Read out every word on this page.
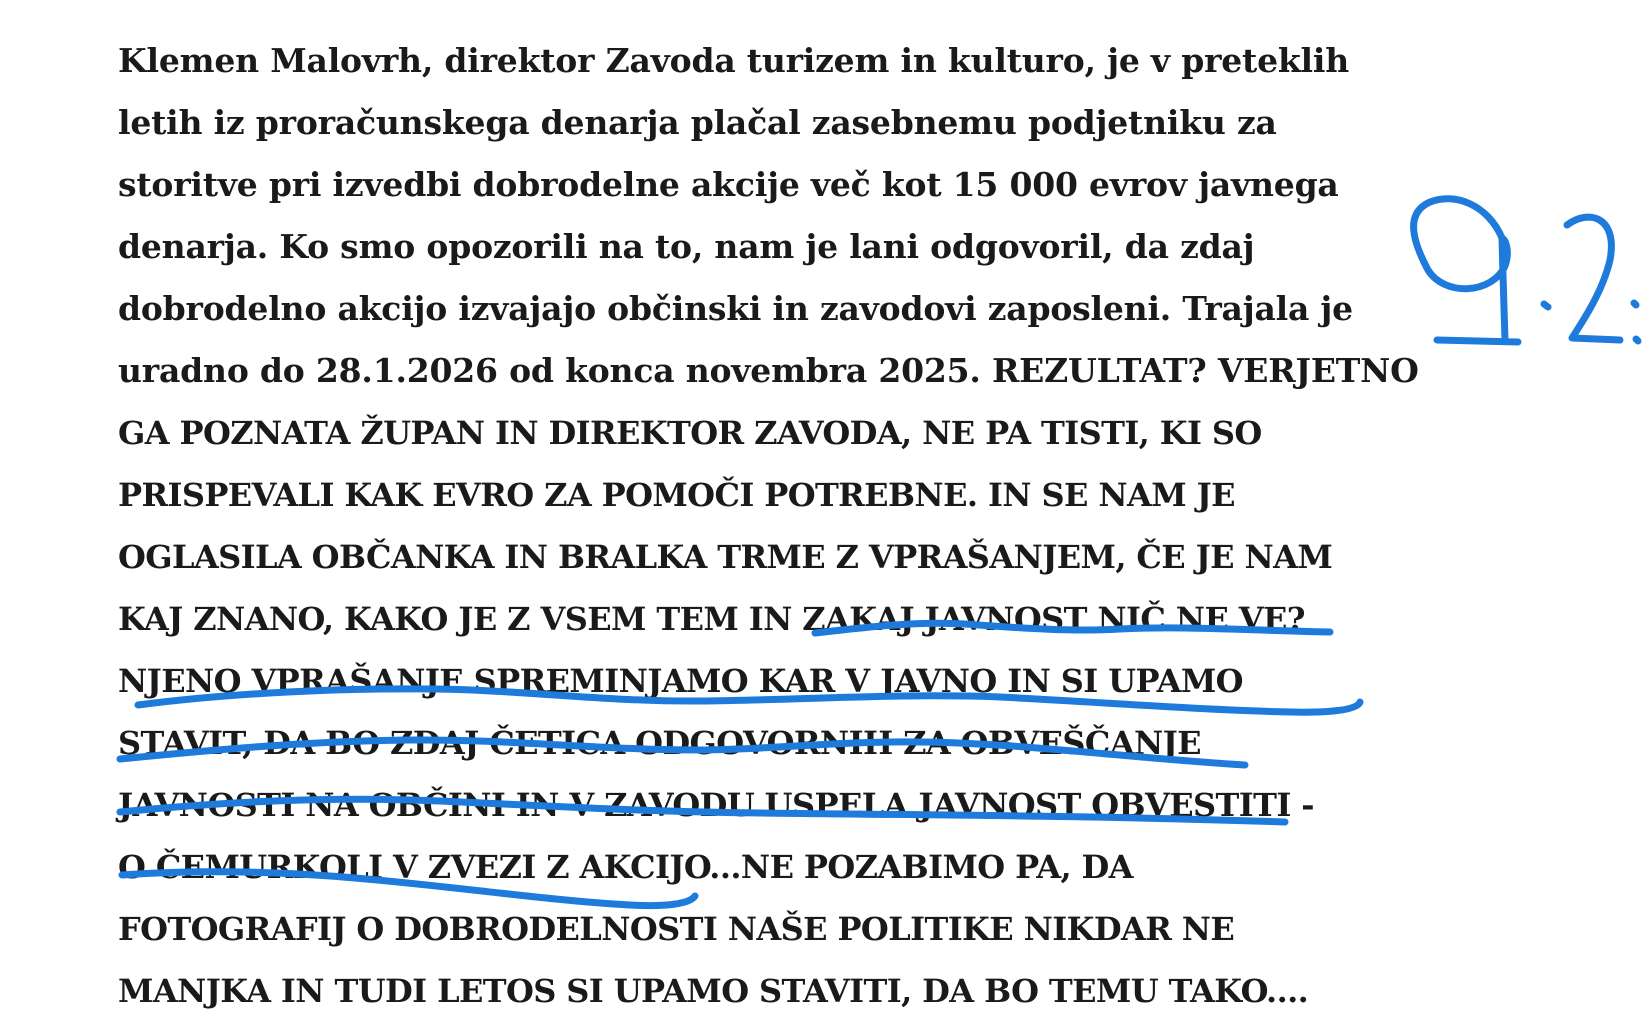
Klemen Malovrh, direktor Zavoda turizem in kulturo, je v preteklih
letih iz proračunskega denarja plačal zasebnemu podjetniku za
storitve pri izvedbi dobrodelne akcije več kot 15 000 evrov javnega
denarja. Ko smo opozorili na to, nam je lani odgovoril, da zdaj
dobrodelno akcijo izvajajo občinski in zavodovi zaposleni. Trajala je
uradno do 28.1.2026 od konca novembra 2025. REZULTAT? VERJETNO
GA POZNATA ŽUPAN IN DIREKTOR ZAVODA, NE PA TISTI, KI SO
PRISPEVALI KAK EVRO ZA POMOČI POTREBNE. IN SE NAM JE
OGLASILA OBČANKA IN BRALKA TRME Z VPRAŠANJEM, ČE JE NAM
KAJ ZNANO, KAKO JE Z VSEM TEM IN ZAKAJ JAVNOST NIČ NE VE?
NJENO VPRAŠANJE SPREMINJAMO KAR V JAVNO IN SI UPAMO
STAVIT, DA BO ZDAJ ČETICA ODGOVORNIH ZA OBVEŠČANJE
JAVNOSTI NA OBČINI IN V ZAVODU USPELA JAVNOST OBVESTITI -
O ČEMURKOLI V ZVEZI Z AKCIJO...NE POZABIMO PA, DA
FOTOGRAFIJ O DOBRODELNOSTI NAŠE POLITIKE NIKDAR NE
MANJKA IN TUDI LETOS SI UPAMO STAVITI, DA BO TEMU TAKO....
